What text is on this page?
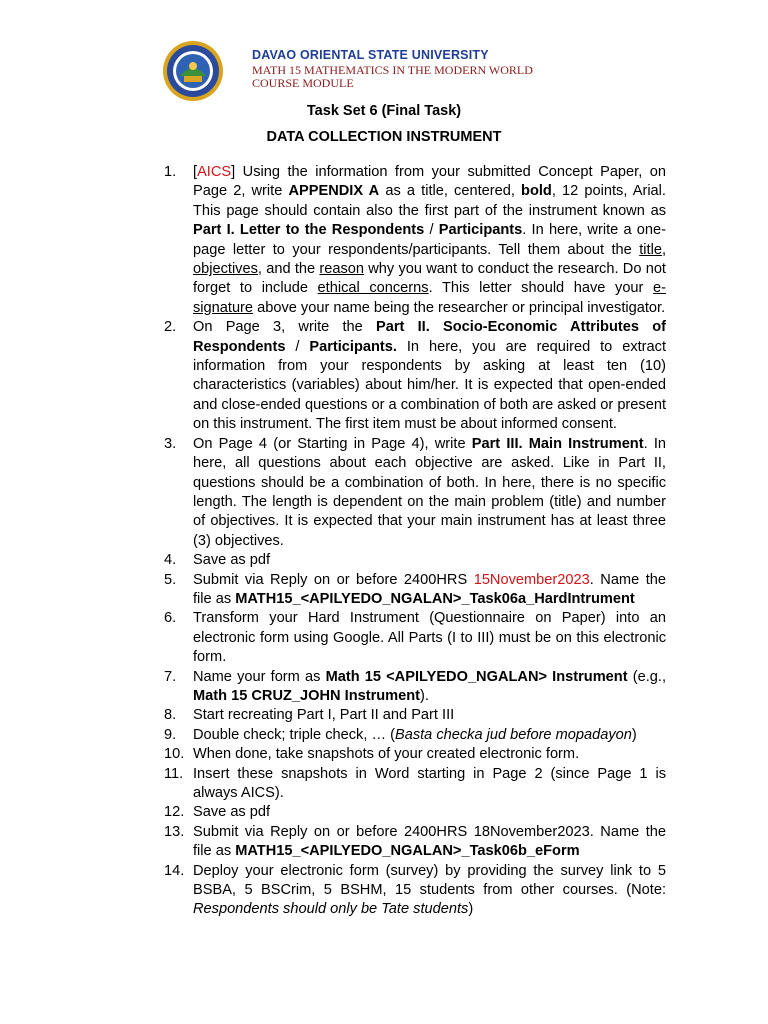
DAVAO ORIENTAL STATE UNIVERSITY
MATH 15 MATHEMATICS IN THE MODERN WORLD
COURSE MODULE
Task Set 6 (Final Task)
DATA COLLECTION INSTRUMENT
1.	[AICS] Using the information from your submitted Concept Paper, on Page 2, write APPENDIX A as a title, centered, bold, 12 points, Arial. This page should contain also the first part of the instrument known as Part I. Letter to the Respondents / Participants. In here, write a one-page letter to your respondents/participants. Tell them about the title, objectives, and the reason why you want to conduct the research. Do not forget to include ethical concerns. This letter should have your e-signature above your name being the researcher or principal investigator.
2.	On Page 3, write the Part II. Socio-Economic Attributes of Respondents / Participants. In here, you are required to extract information from your respondents by asking at least ten (10) characteristics (variables) about him/her. It is expected that open-ended and close-ended questions or a combination of both are asked or present on this instrument. The first item must be about informed consent.
3.	On Page 4 (or Starting in Page 4), write Part III. Main Instrument. In here, all questions about each objective are asked. Like in Part II, questions should be a combination of both. In here, there is no specific length. The length is dependent on the main problem (title) and number of objectives. It is expected that your main instrument has at least three (3) objectives.
4.	Save as pdf
5.	Submit via Reply on or before 2400HRS 15November2023. Name the file as MATH15_<APILYEDO_NGALAN>_Task06a_HardIntrument
6.	Transform your Hard Instrument (Questionnaire on Paper) into an electronic form using Google. All Parts (I to III) must be on this electronic form.
7.	Name your form as Math 15 <APILYEDO_NGALAN> Instrument (e.g., Math 15 CRUZ_JOHN Instrument).
8.	Start recreating Part I, Part II and Part III
9.	Double check; triple check, … (Basta checka jud before mopadayon)
10. When done, take snapshots of your created electronic form.
11. Insert these snapshots in Word starting in Page 2 (since Page 1 is always AICS).
12. Save as pdf
13. Submit via Reply on or before 2400HRS 18November2023. Name the file as MATH15_<APILYEDO_NGALAN>_Task06b_eForm
14. Deploy your electronic form (survey) by providing the survey link to 5 BSBA, 5 BSCrim, 5 BSHM, 15 students from other courses. (Note: Respondents should only be Tate students)
